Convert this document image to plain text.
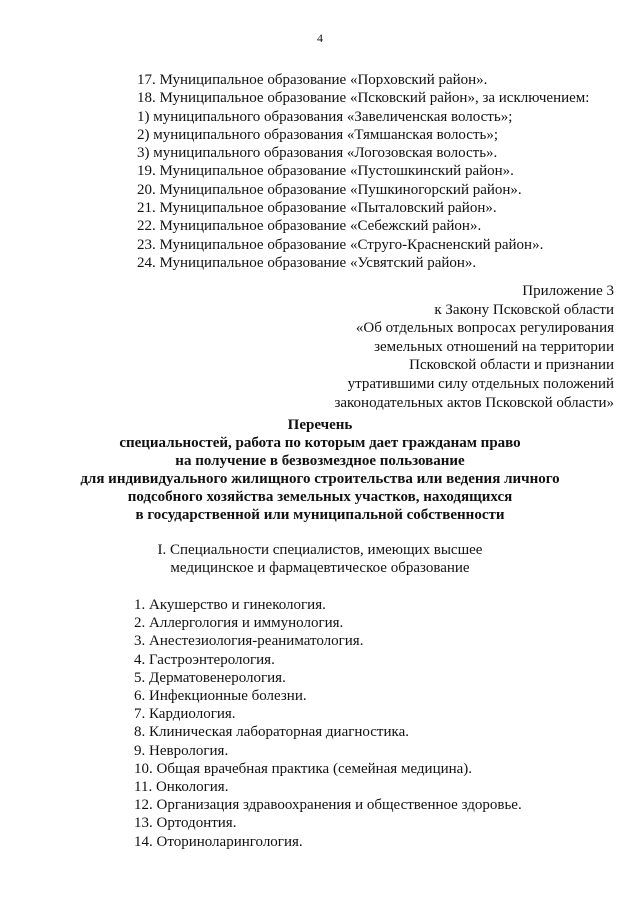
4
17. Муниципальное образование «Порховский район».
18. Муниципальное образование «Псковский район», за исключением:
1) муниципального образования «Завеличенская волость»;
2) муниципального образования «Тямшанская волость»;
3) муниципального образования «Логозовская волость».
19. Муниципальное образование «Пустошкинский район».
20. Муниципальное образование «Пушкиногорский район».
21. Муниципальное образование «Пыталовский район».
22. Муниципальное образование «Себежский район».
23. Муниципальное образование «Струго-Красненский район».
24. Муниципальное образование «Усвятский район».
Приложение 3
к Закону Псковской области
«Об отдельных вопросах регулирования
земельных отношений на территории
Псковской области и признании
утратившими силу отдельных положений
законодательных актов Псковской области»
Перечень
специальностей, работа по которым дает гражданам право
на получение в безвозмездное пользование
для индивидуального жилищного строительства или ведения личного
подсобного хозяйства земельных участков, находящихся
в государственной или муниципальной собственности
I. Специальности специалистов, имеющих высшее
медицинское и фармацевтическое образование
1. Акушерство и гинекология.
2. Аллергология и иммунология.
3. Анестезиология-реаниматология.
4. Гастроэнтерология.
5. Дерматовенерология.
6. Инфекционные болезни.
7. Кардиология.
8. Клиническая лабораторная диагностика.
9. Неврология.
10. Общая врачебная практика (семейная медицина).
11. Онкология.
12. Организация здравоохранения и общественное здоровье.
13. Ортодонтия.
14. Оториноларингология.
